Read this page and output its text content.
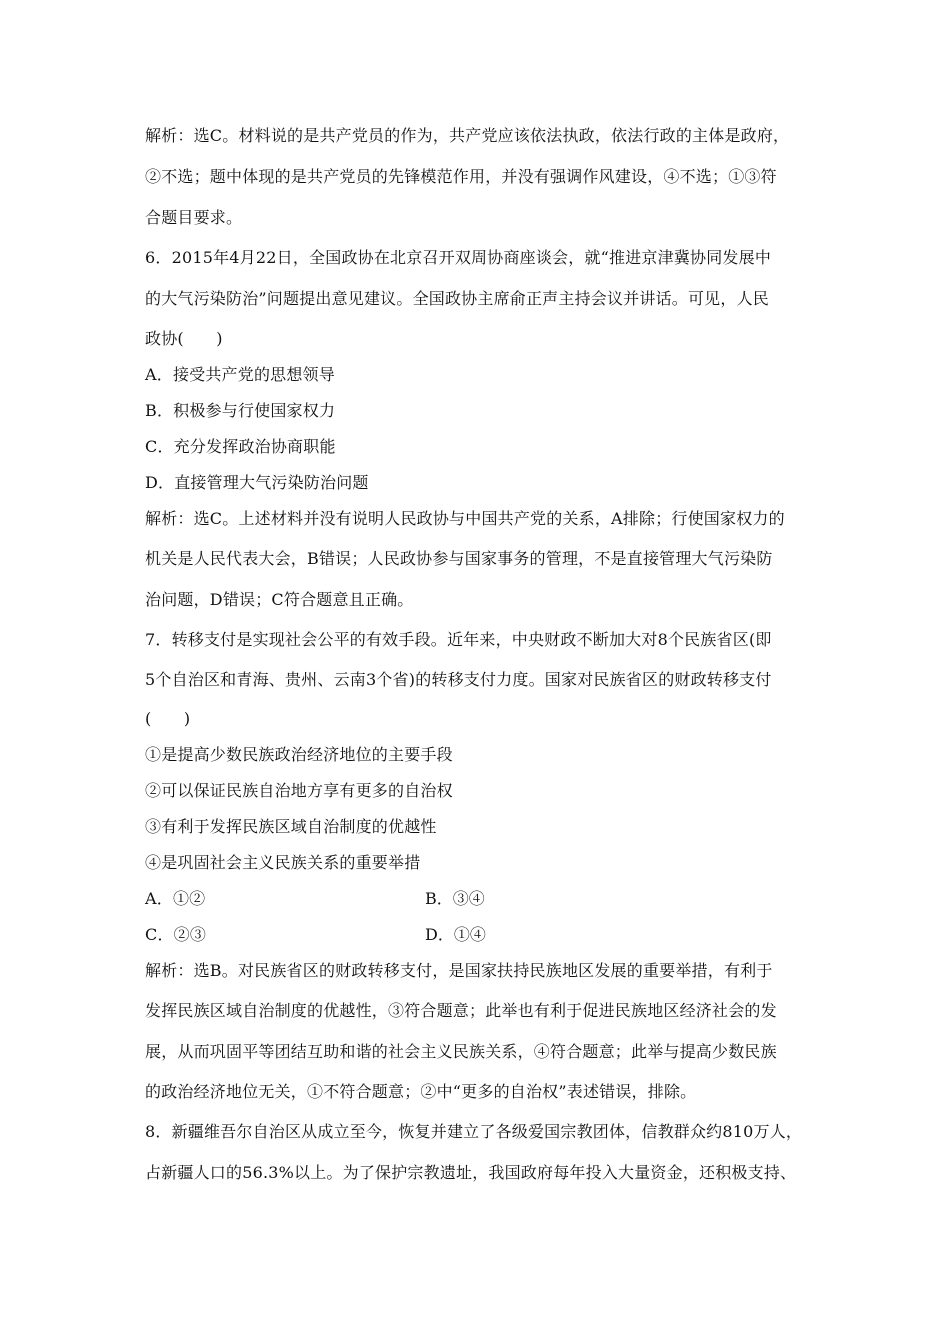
解析：选C。材料说的是共产党员的作为，共产党应该依法执政，依法行政的主体是政府，
②不选；题中体现的是共产党员的先锋模范作用，并没有强调作风建设，④不选；①③符
合题目要求。
6．2015年4月22日，全国政协在北京召开双周协商座谈会，就“推进京津冀协同发展中
的大气污染防治”问题提出意见建议。全国政协主席俞正声主持会议并讲话。可见，人民
政协(　　)
A．接受共产党的思想领导
B．积极参与行使国家权力
C．充分发挥政治协商职能
D．直接管理大气污染防治问题
解析：选C。上述材料并没有说明人民政协与中国共产党的关系，A排除；行使国家权力的
机关是人民代表大会，B错误；人民政协参与国家事务的管理，不是直接管理大气污染防
治问题，D错误；C符合题意且正确。
7．转移支付是实现社会公平的有效手段。近年来，中央财政不断加大对8个民族省区(即
5个自治区和青海、贵州、云南3个省)的转移支付力度。国家对民族省区的财政转移支付
(　　)
①是提高少数民族政治经济地位的主要手段
②可以保证民族自治地方享有更多的自治权
③有利于发挥民族区域自治制度的优越性
④是巩固社会主义民族关系的重要举措
A．①②	B．③④
C．②③	D．①④
解析：选B。对民族省区的财政转移支付，是国家扶持民族地区发展的重要举措，有利于
发挥民族区域自治制度的优越性，③符合题意；此举也有利于促进民族地区经济社会的发
展，从而巩固平等团结互助和谐的社会主义民族关系，④符合题意；此举与提高少数民族
的政治经济地位无关，①不符合题意；②中“更多的自治权”表述错误，排除。
8．新疆维吾尔自治区从成立至今，恢复并建立了各级爱国宗教团体，信教群众约810万人，
占新疆人口的56.3%以上。为了保护宗教遗址，我国政府每年投入大量资金，还积极支持、
